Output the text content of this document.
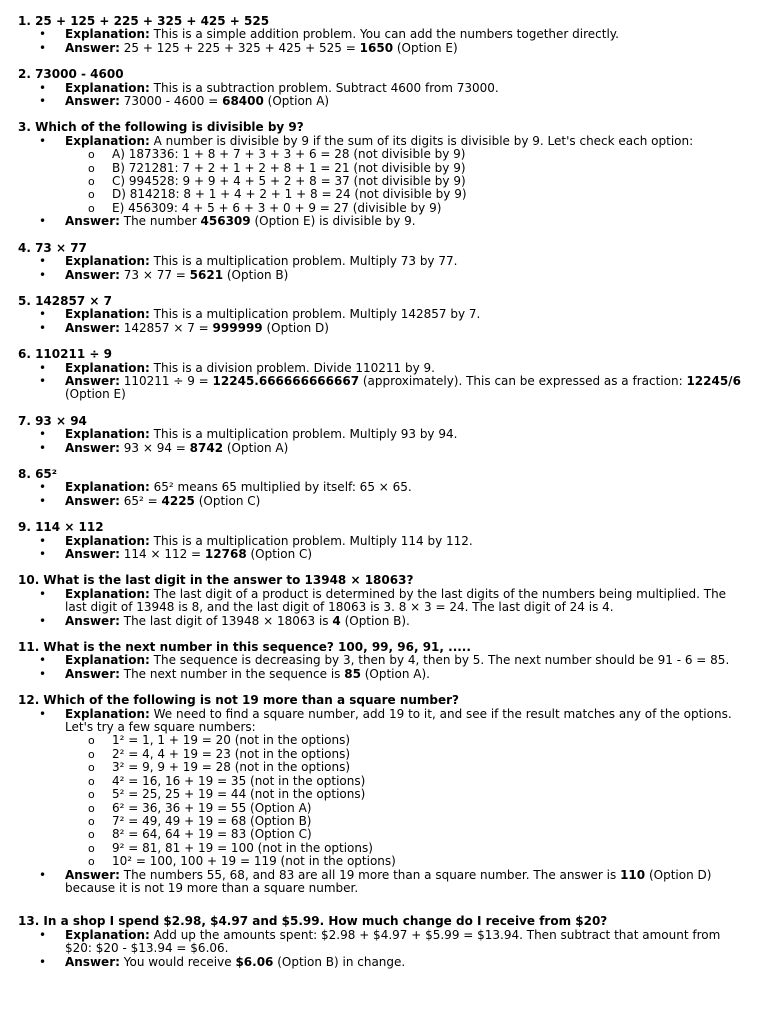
1. 25 + 125 + 225 + 325 + 425 + 525
• Explanation: This is a simple addition problem. You can add the numbers together directly.
• Answer: 25 + 125 + 225 + 325 + 425 + 525 = 1650 (Option E)
2. 73000 - 4600
• Explanation: This is a subtraction problem. Subtract 4600 from 73000.
• Answer: 73000 - 4600 = 68400 (Option A)
3. Which of the following is divisible by 9?
• Explanation: A number is divisible by 9 if the sum of its digits is divisible by 9. Let's check each option:
o A) 187336: 1 + 8 + 7 + 3 + 3 + 6 = 28 (not divisible by 9)
o B) 721281: 7 + 2 + 1 + 2 + 8 + 1 = 21 (not divisible by 9)
o C) 994528: 9 + 9 + 4 + 5 + 2 + 8 = 37 (not divisible by 9)
o D) 814218: 8 + 1 + 4 + 2 + 1 + 8 = 24 (not divisible by 9)
o E) 456309: 4 + 5 + 6 + 3 + 0 + 9 = 27 (divisible by 9)
• Answer: The number 456309 (Option E) is divisible by 9.
4. 73 × 77
• Explanation: This is a multiplication problem. Multiply 73 by 77.
• Answer: 73 × 77 = 5621 (Option B)
5. 142857 × 7
• Explanation: This is a multiplication problem. Multiply 142857 by 7.
• Answer: 142857 × 7 = 999999 (Option D)
6. 110211 ÷ 9
• Explanation: This is a division problem. Divide 110211 by 9.
• Answer: 110211 ÷ 9 = 12245.666666666667 (approximately). This can be expressed as a fraction: 12245/6 (Option E)
7. 93 × 94
• Explanation: This is a multiplication problem. Multiply 93 by 94.
• Answer: 93 × 94 = 8742 (Option A)
8. 65²
• Explanation: 65² means 65 multiplied by itself: 65 × 65.
• Answer: 65² = 4225 (Option C)
9. 114 × 112
• Explanation: This is a multiplication problem. Multiply 114 by 112.
• Answer: 114 × 112 = 12768 (Option C)
10. What is the last digit in the answer to 13948 × 18063?
• Explanation: The last digit of a product is determined by the last digits of the numbers being multiplied. The last digit of 13948 is 8, and the last digit of 18063 is 3. 8 × 3 = 24. The last digit of 24 is 4.
• Answer: The last digit of 13948 × 18063 is 4 (Option B).
11. What is the next number in this sequence? 100, 99, 96, 91, .....
• Explanation: The sequence is decreasing by 3, then by 4, then by 5. The next number should be 91 - 6 = 85.
• Answer: The next number in the sequence is 85 (Option A).
12. Which of the following is not 19 more than a square number?
• Explanation: We need to find a square number, add 19 to it, and see if the result matches any of the options. Let's try a few square numbers:
o 1² = 1, 1 + 19 = 20 (not in the options)
o 2² = 4, 4 + 19 = 23 (not in the options)
o 3² = 9, 9 + 19 = 28 (not in the options)
o 4² = 16, 16 + 19 = 35 (not in the options)
o 5² = 25, 25 + 19 = 44 (not in the options)
o 6² = 36, 36 + 19 = 55 (Option A)
o 7² = 49, 49 + 19 = 68 (Option B)
o 8² = 64, 64 + 19 = 83 (Option C)
o 9² = 81, 81 + 19 = 100 (not in the options)
o 10² = 100, 100 + 19 = 119 (not in the options)
• Answer: The numbers 55, 68, and 83 are all 19 more than a square number. The answer is 110 (Option D) because it is not 19 more than a square number.
13. In a shop I spend $2.98, $4.97 and $5.99. How much change do I receive from $20?
• Explanation: Add up the amounts spent: $2.98 + $4.97 + $5.99 = $13.94. Then subtract that amount from $20: $20 - $13.94 = $6.06.
• Answer: You would receive $6.06 (Option B) in change.
